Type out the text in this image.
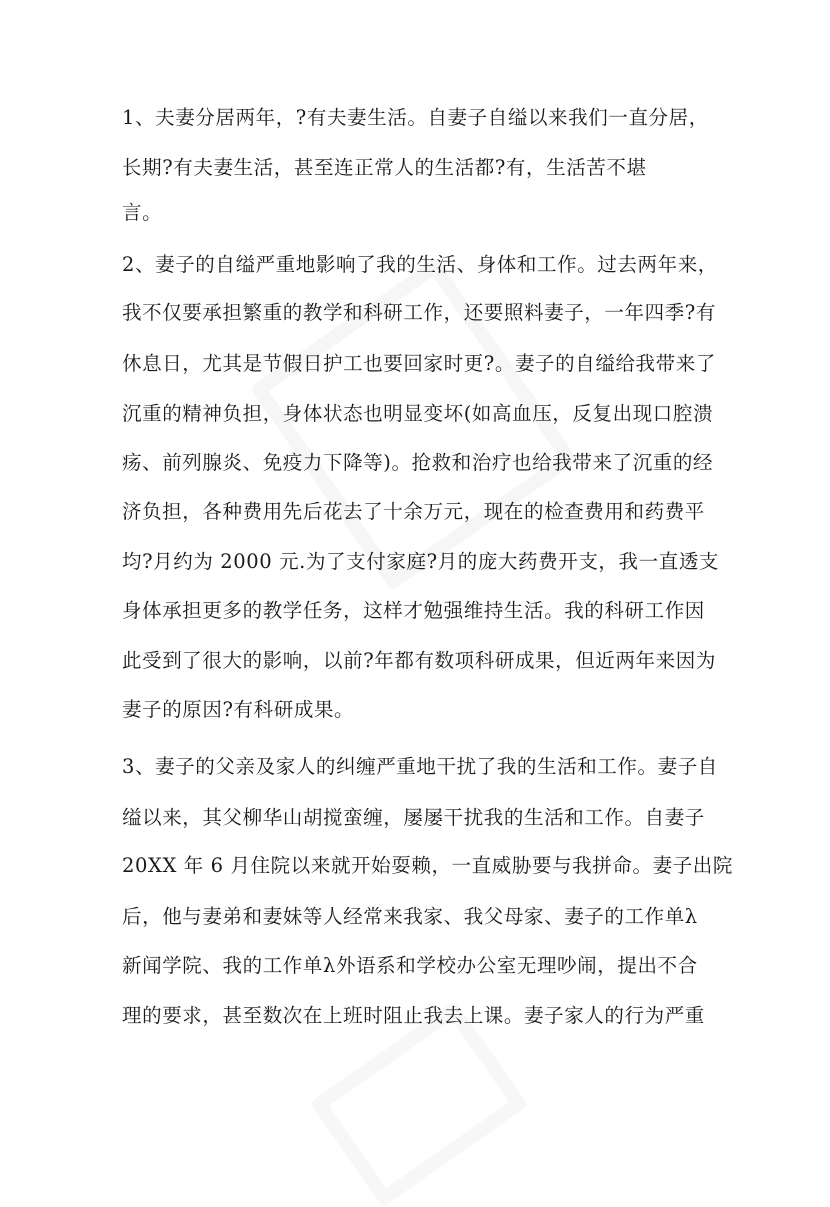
1、夫妻分居两年，?有夫妻生活。自妻子自缢以来我们一直分居，
长期?有夫妻生活，甚至连正常人的生活都?有，生活苦不堪
言。
2、妻子的自缢严重地影响了我的生活、身体和工作。过去两年来，
我不仅要承担繁重的教学和科研工作，还要照料妻子，一年四季?有
休息日，尤其是节假日护工也要回家时更?。妻子的自缢给我带来了
沉重的精神负担，身体状态也明显变坏(如高血压，反复出现口腔溃
疡、前列腺炎、免疫力下降等)。抢救和治疗也给我带来了沉重的经
济负担，各种费用先后花去了十余万元，现在的检查费用和药费平
均?月约为 2000 元.为了支付家庭?月的庞大药费开支，我一直透支
身体承担更多的教学任务，这样才勉强维持生活。我的科研工作因
此受到了很大的影响，以前?年都有数项科研成果，但近两年来因为
妻子的原因?有科研成果。
3、妻子的父亲及家人的纠缠严重地干扰了我的生活和工作。妻子自
缢以来，其父柳华山胡搅蛮缠，屡屡干扰我的生活和工作。自妻子
20XX 年 6 月住院以来就开始耍赖，一直威胁要与我拼命。妻子出院
后，他与妻弟和妻妹等人经常来我家、我父母家、妻子的工作单λ
新闻学院、我的工作单λ外语系和学校办公室无理吵闹，提出不合
理的要求，甚至数次在上班时阻止我去上课。妻子家人的行为严重
